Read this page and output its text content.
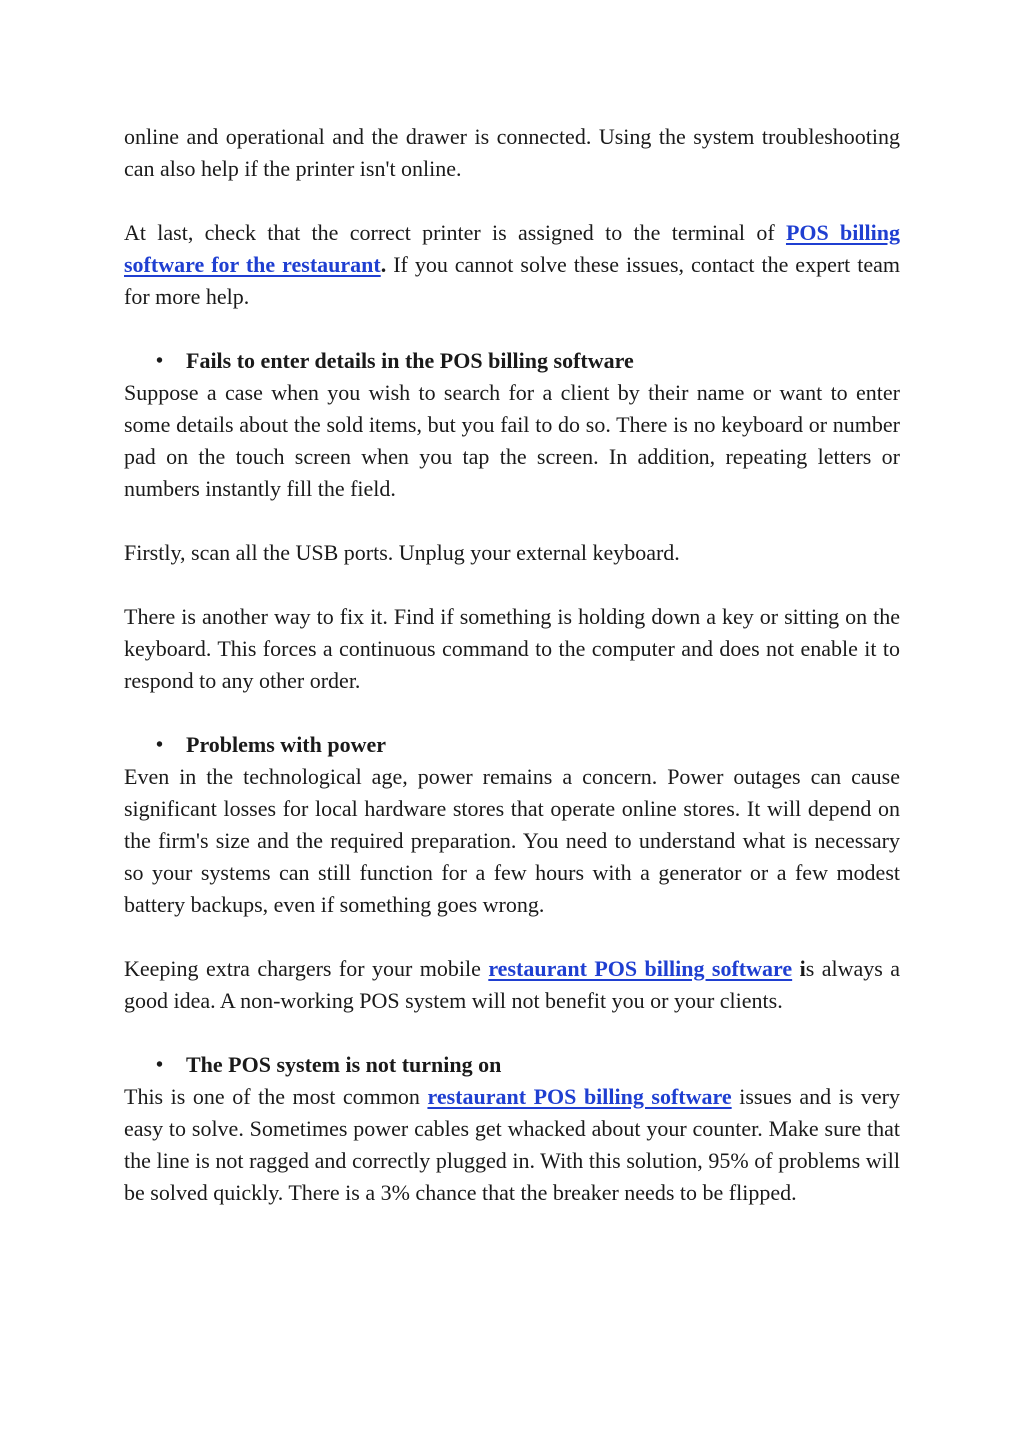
online and operational and the drawer is connected. Using the system troubleshooting can also help if the printer isn't online.

At last, check that the correct printer is assigned to the terminal of POS billing software for the restaurant. If you cannot solve these issues, contact the expert team for more help.

•	Fails to enter details in the POS billing software

Suppose a case when you wish to search for a client by their name or want to enter some details about the sold items, but you fail to do so. There is no keyboard or number pad on the touch screen when you tap the screen. In addition, repeating letters or numbers instantly fill the field.

Firstly, scan all the USB ports. Unplug your external keyboard.

There is another way to fix it. Find if something is holding down a key or sitting on the keyboard. This forces a continuous command to the computer and does not enable it to respond to any other order.

•	Problems with power

Even in the technological age, power remains a concern. Power outages can cause significant losses for local hardware stores that operate online stores. It will depend on the firm's size and the required preparation. You need to understand what is necessary so your systems can still function for a few hours with a generator or a few modest battery backups, even if something goes wrong.

Keeping extra chargers for your mobile restaurant POS billing software is always a good idea. A non-working POS system will not benefit you or your clients.

•	The POS system is not turning on

This is one of the most common restaurant POS billing software issues and is very easy to solve. Sometimes power cables get whacked about your counter. Make sure that the line is not ragged and correctly plugged in. With this solution, 95% of problems will be solved quickly. There is a 3% chance that the breaker needs to be flipped.
